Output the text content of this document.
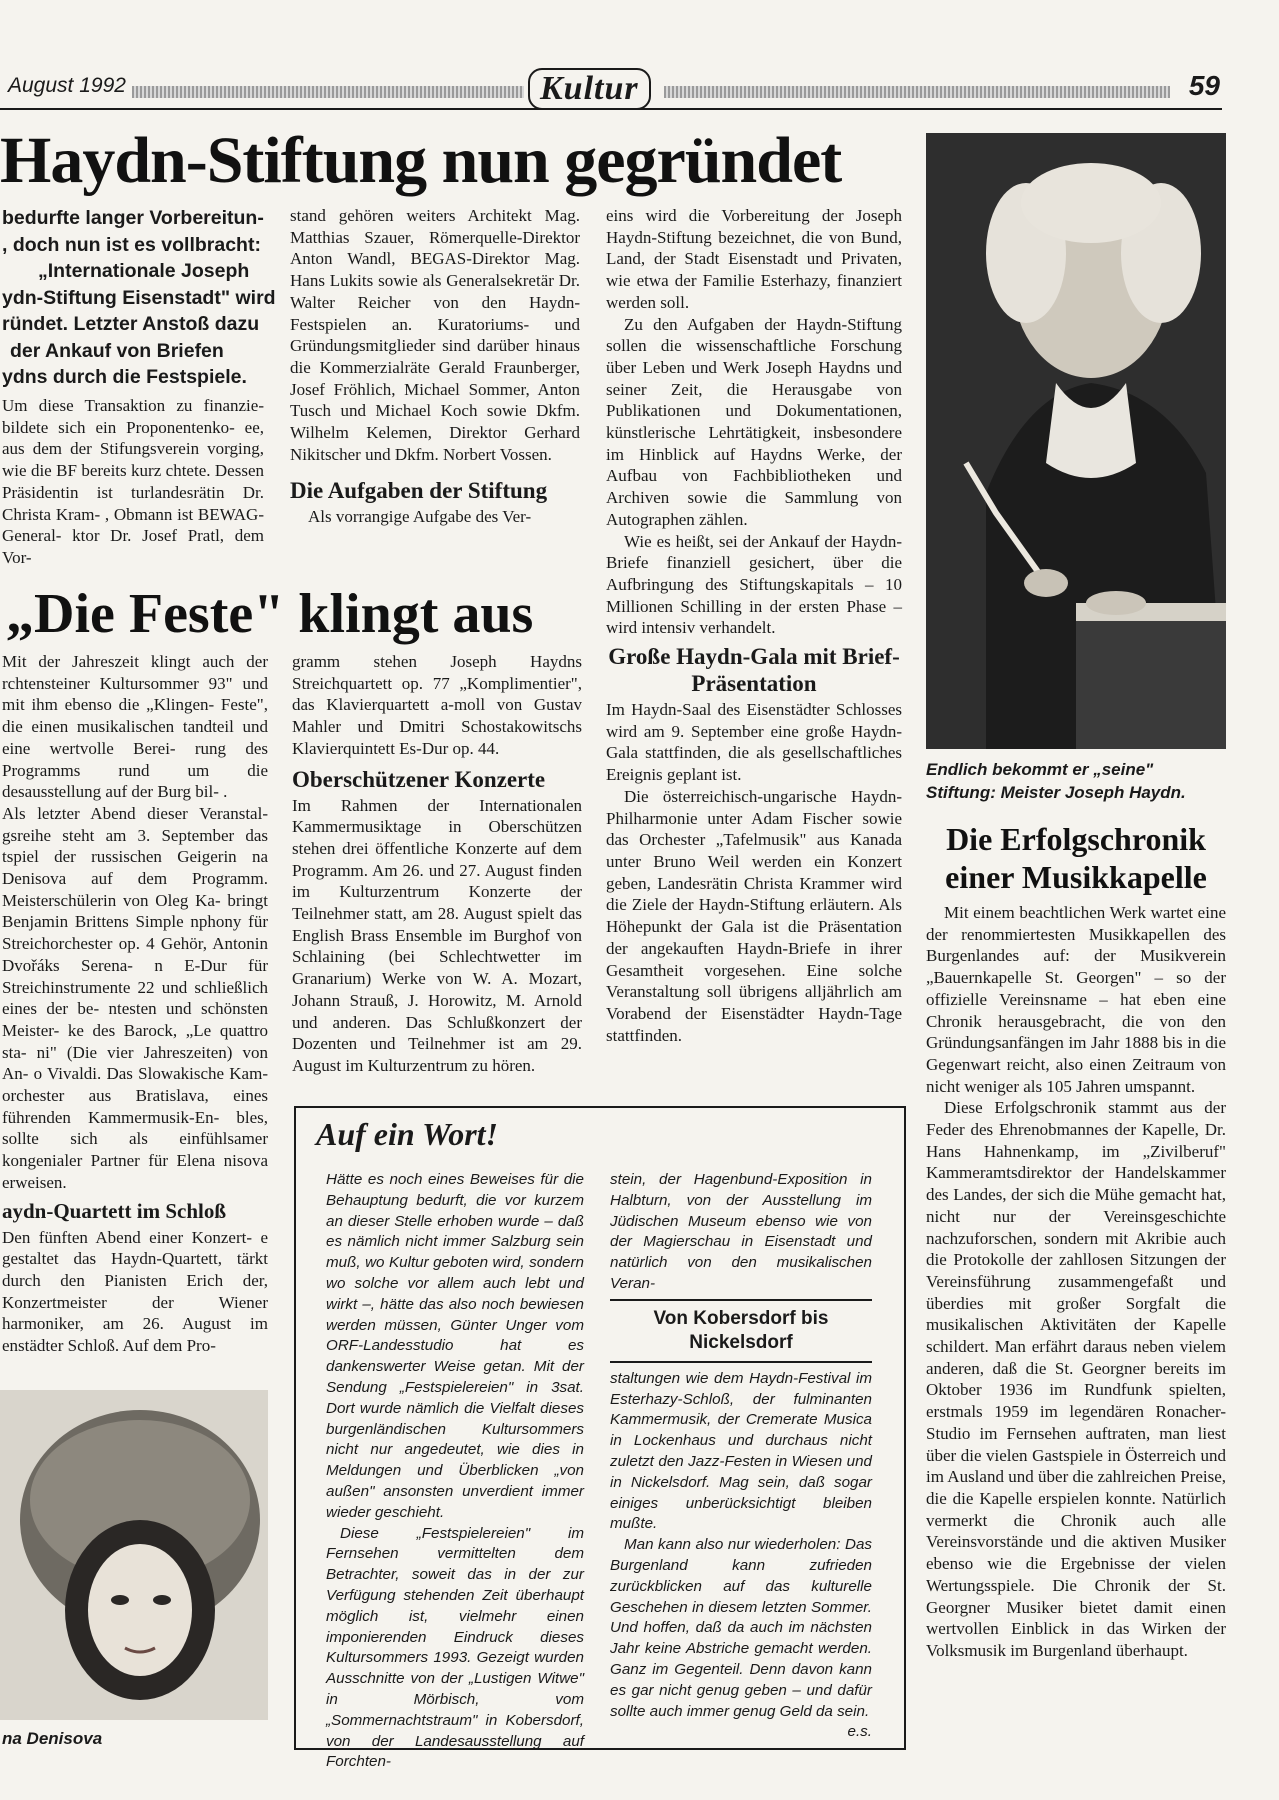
August 1992	Kultur	59
Haydn-Stiftung nun gegründet

bedurfte langer Vorbereitun-

, doch nun ist es vollbracht:

„Internationale Joseph

ydn-Stiftung Eisenstadt" wird

ründet. Letzter Anstoß dazu

der Ankauf von Briefen

ydns durch die Festspiele.

Um diese Transaktion zu finanzie- bildete sich ein Proponentenko- ee, aus dem der Stifungsverein vorging, wie die BF bereits kurz chtete. Dessen Präsidentin ist turlandesrätin Dr. Christa Kram- , Obmann ist BEWAG-General- ktor Dr. Josef Pratl, dem Vor-

stand gehören weiters Architekt Mag. Matthias Szauer, Römerquelle-Direktor Anton Wandl, BEGAS-Direktor Mag. Hans Lukits sowie als Generalsekretär Dr. Walter Reicher von den Haydn-Festspielen an. Kuratoriums- und Gründungsmitglieder sind darüber hinaus die Kommerzialräte Gerald Fraunberger, Josef Fröhlich, Michael Sommer, Anton Tusch und Michael Koch sowie Dkfm. Wilhelm Kelemen, Direktor Gerhard Nikitscher und Dkfm. Norbert Vossen.

Die Aufgaben der Stiftung

Als vorrangige Aufgabe des Ver-

eins wird die Vorbereitung der Joseph Haydn-Stiftung bezeichnet, die von Bund, Land, der Stadt Eisenstadt und Privaten, wie etwa der Familie Esterhazy, finanziert werden soll.

Zu den Aufgaben der Haydn-Stiftung sollen die wissenschaftliche Forschung über Leben und Werk Joseph Haydns und seiner Zeit, die Herausgabe von Publikationen und Dokumentationen, künstlerische Lehrtätigkeit, insbesondere im Hinblick auf Haydns Werke, der Aufbau von Fachbibliotheken und Archiven sowie die Sammlung von Autographen zählen.

Wie es heißt, sei der Ankauf der Haydn-Briefe finanziell gesichert, über die Aufbringung des Stiftungskapitals – 10 Millionen Schilling in der ersten Phase – wird intensiv verhandelt.

Große Haydn-Gala mit Brief-Präsentation

Im Haydn-Saal des Eisenstädter Schlosses wird am 9. September eine große Haydn-Gala stattfinden, die als gesellschaftliches Ereignis geplant ist.

Die österreichisch-ungarische Haydn-Philharmonie unter Adam Fischer sowie das Orchester „Tafelmusik" aus Kanada unter Bruno Weil werden ein Konzert geben, Landesrätin Christa Krammer wird die Ziele der Haydn-Stiftung erläutern. Als Höhepunkt der Gala ist die Präsentation der angekauften Haydn-Briefe in ihrer Gesamtheit vorgesehen. Eine solche Veranstaltung soll übrigens alljährlich am Vorabend der Eisenstädter Haydn-Tage stattfinden.

Endlich bekommt er „seine" Stiftung: Meister Joseph Haydn.
„Die Feste" klingt aus

Mit der Jahreszeit klingt auch der rchtensteiner Kultursommer 93" und mit ihm ebenso die „Klingen- Feste", die einen musikalischen tandteil und eine wertvolle Berei- rung des Programms rund um die desausstellung auf der Burg bil- .

Als letzter Abend dieser Veranstal- gsreihe steht am 3. September das tspiel der russischen Geigerin na Denisova auf dem Programm. Meisterschülerin von Oleg Ka- bringt Benjamin Brittens Simple nphony für Streichorchester op. 4 Gehör, Antonin Dvořáks Serena- n E-Dur für Streichinstrumente 22 und schließlich eines der be- ntesten und schönsten Meister- ke des Barock, „Le quattro sta- ni" (Die vier Jahreszeiten) von An- o Vivaldi. Das Slowakische Kam- orchester aus Bratislava, eines führenden Kammermusik-En- bles, sollte sich als einfühlsamer kongenialer Partner für Elena nisova erweisen.

aydn-Quartett im Schloß

Den fünften Abend einer Konzert- e gestaltet das Haydn-Quartett, tärkt durch den Pianisten Erich der, Konzertmeister der Wiener harmoniker, am 26. August im enstädter Schloß. Auf dem Pro-

na Denisova

gramm stehen Joseph Haydns Streichquartett op. 77 „Komplimentier", das Klavierquartett a-moll von Gustav Mahler und Dmitri Schostakowitschs Klavierquintett Es-Dur op. 44.

Oberschützener Konzerte

Im Rahmen der Internationalen Kammermusiktage in Oberschützen stehen drei öffentliche Konzerte auf dem Programm. Am 26. und 27. August finden im Kulturzentrum Konzerte der Teilnehmer statt, am 28. August spielt das English Brass Ensemble im Burghof von Schlaining (bei Schlechtwetter im Granarium) Werke von W. A. Mozart, Johann Strauß, J. Horowitz, M. Arnold und anderen. Das Schlußkonzert der Dozenten und Teilnehmer ist am 29. August im Kulturzentrum zu hören.

Auf ein Wort!

Hätte es noch eines Beweises für die Behauptung bedurft, die vor kurzem an dieser Stelle erhoben wurde – daß es nämlich nicht immer Salzburg sein muß, wo Kultur geboten wird, sondern wo solche vor allem auch lebt und wirkt –, hätte das also noch bewiesen werden müssen, Günter Unger vom ORF-Landesstudio hat es dankenswerter Weise getan. Mit der Sendung „Festspielereien" in 3sat. Dort wurde nämlich die Vielfalt dieses burgenländischen Kultursommers nicht nur angedeutet, wie dies in Meldungen und Überblicken „von außen" ansonsten unverdient immer wieder geschieht.

Diese „Festspielereien" im Fernsehen vermittelten dem Betrachter, soweit das in der zur Verfügung stehenden Zeit überhaupt möglich ist, vielmehr einen imponierenden Eindruck dieses Kultursommers 1993. Gezeigt wurden Ausschnitte von der „Lustigen Witwe" in Mörbisch, vom „Sommernachtstraum" in Kobersdorf, von der Landesausstellung auf Forchten-

stein, der Hagenbund-Exposition in Halbturn, von der Ausstellung im Jüdischen Museum ebenso wie von der Magierschau in Eisenstadt und natürlich von den musikalischen Veran-

Von Kobersdorf bis Nickelsdorf

staltungen wie dem Haydn-Festival im Esterhazy-Schloß, der fulminanten Kammermusik, der Cremerate Musica in Lockenhaus und durchaus nicht zuletzt den Jazz-Festen in Wiesen und in Nickelsdorf. Mag sein, daß sogar einiges unberücksichtigt bleiben mußte.

Man kann also nur wiederholen: Das Burgenland kann zufrieden zurückblicken auf das kulturelle Geschehen in diesem letzten Sommer. Und hoffen, daß da auch im nächsten Jahr keine Abstriche gemacht werden. Ganz im Gegenteil. Denn davon kann es gar nicht genug geben – und dafür sollte auch immer genug Geld da sein.

e.s.

Die Erfolgschronik einer Musikkapelle

Mit einem beachtlichen Werk wartet eine der renommiertesten Musikkapellen des Burgenlandes auf: der Musikverein „Bauernkapelle St. Georgen" – so der offizielle Vereinsname – hat eben eine Chronik herausgebracht, die von den Gründungsanfängen im Jahr 1888 bis in die Gegenwart reicht, also einen Zeitraum von nicht weniger als 105 Jahren umspannt.

Diese Erfolgschronik stammt aus der Feder des Ehrenobmannes der Kapelle, Dr. Hans Hahnenkamp, im „Zivilberuf" Kammeramtsdirektor der Handelskammer des Landes, der sich die Mühe gemacht hat, nicht nur der Vereinsgeschichte nachzuforschen, sondern mit Akribie auch die Protokolle der zahllosen Sitzungen der Vereinsführung zusammengefaßt und überdies mit großer Sorgfalt die musikalischen Aktivitäten der Kapelle schildert. Man erfährt daraus neben vielem anderen, daß die St. Georgner bereits im Oktober 1936 im Rundfunk spielten, erstmals 1959 im legendären Ronacher-Studio im Fernsehen auftraten, man liest über die vielen Gastspiele in Österreich und im Ausland und über die zahlreichen Preise, die die Kapelle erspielen konnte. Natürlich vermerkt die Chronik auch alle Vereinsvorstände und die aktiven Musiker ebenso wie die Ergebnisse der vielen Wertungsspiele. Die Chronik der St. Georgner Musiker bietet damit einen wertvollen Einblick in das Wirken der Volksmusik im Burgenland überhaupt.
